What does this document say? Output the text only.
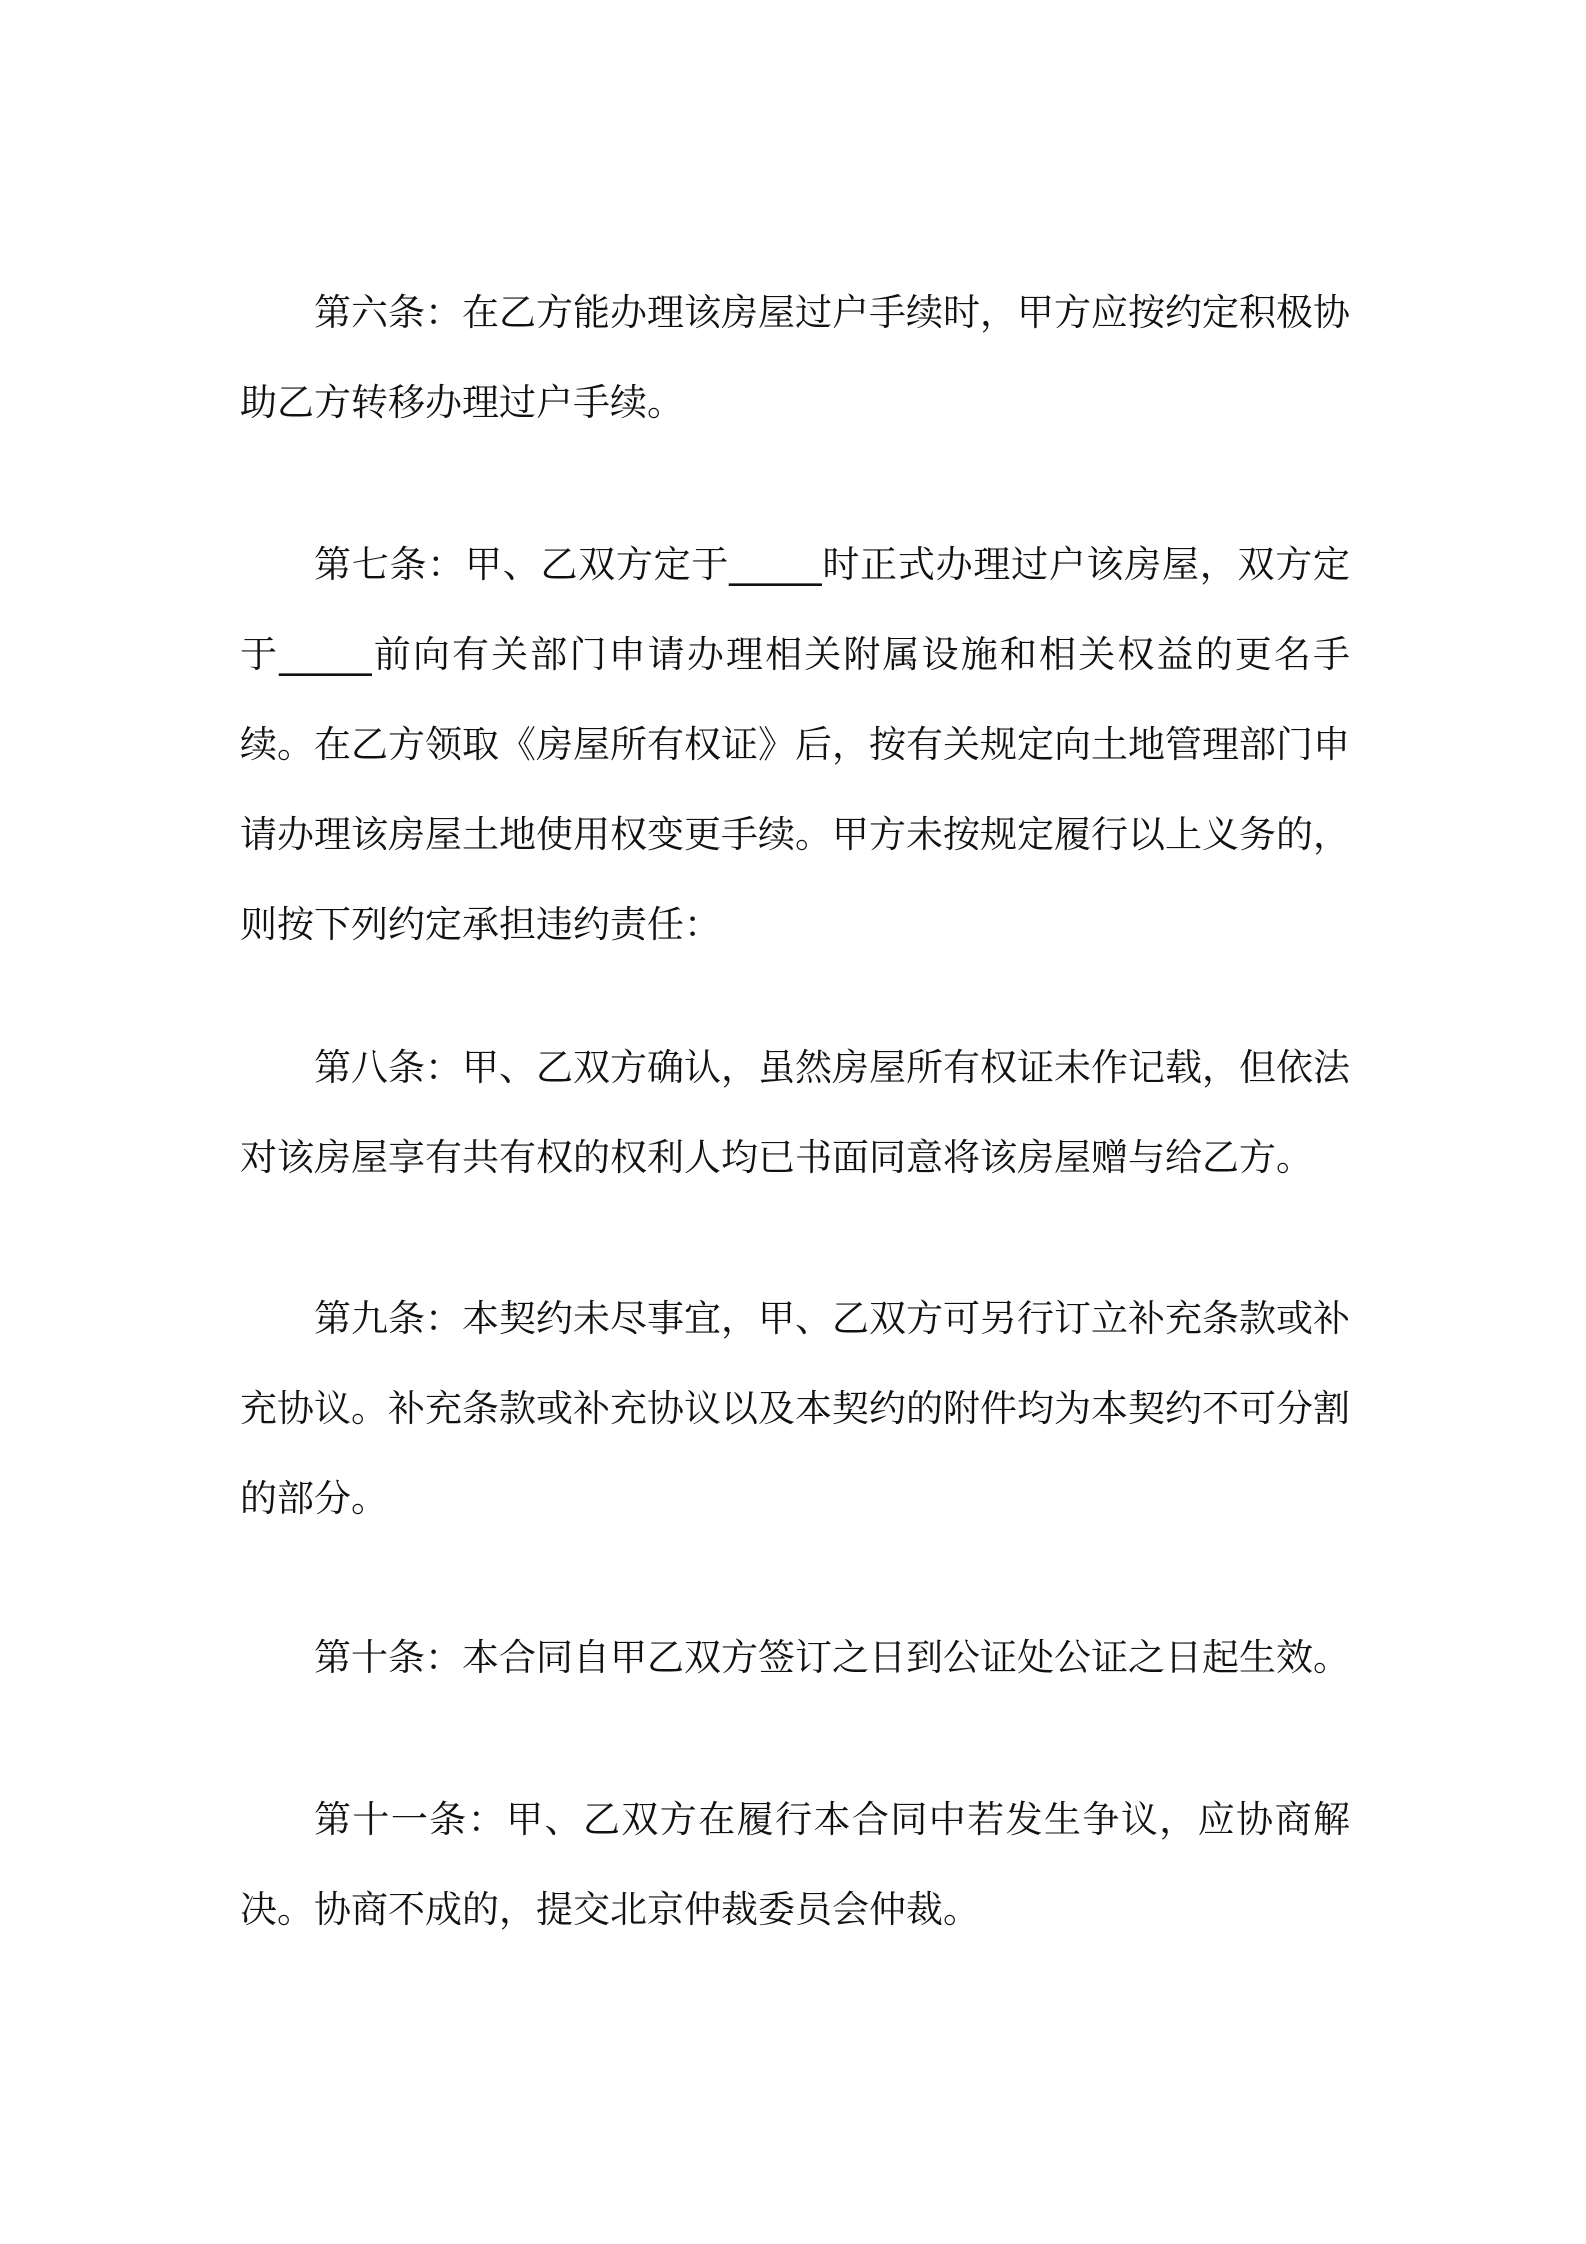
第六条：在乙方能办理该房屋过户手续时，甲方应按约定积极协助乙方转移办理过户手续。

第七条：甲、乙双方定于_____时正式办理过户该房屋，双方定于_____前向有关部门申请办理相关附属设施和相关权益的更名手续。在乙方领取《房屋所有权证》后，按有关规定向土地管理部门申请办理该房屋土地使用权变更手续。甲方未按规定履行以上义务的，则按下列约定承担违约责任：

第八条：甲、乙双方确认，虽然房屋所有权证未作记载，但依法对该房屋享有共有权的权利人均已书面同意将该房屋赠与给乙方。

第九条：本契约未尽事宜，甲、乙双方可另行订立补充条款或补充协议。补充条款或补充协议以及本契约的附件均为本契约不可分割的部分。

第十条：本合同自甲乙双方签订之日到公证处公证之日起生效。

第十一条：甲、乙双方在履行本合同中若发生争议，应协商解决。协商不成的，提交北京仲裁委员会仲裁。
